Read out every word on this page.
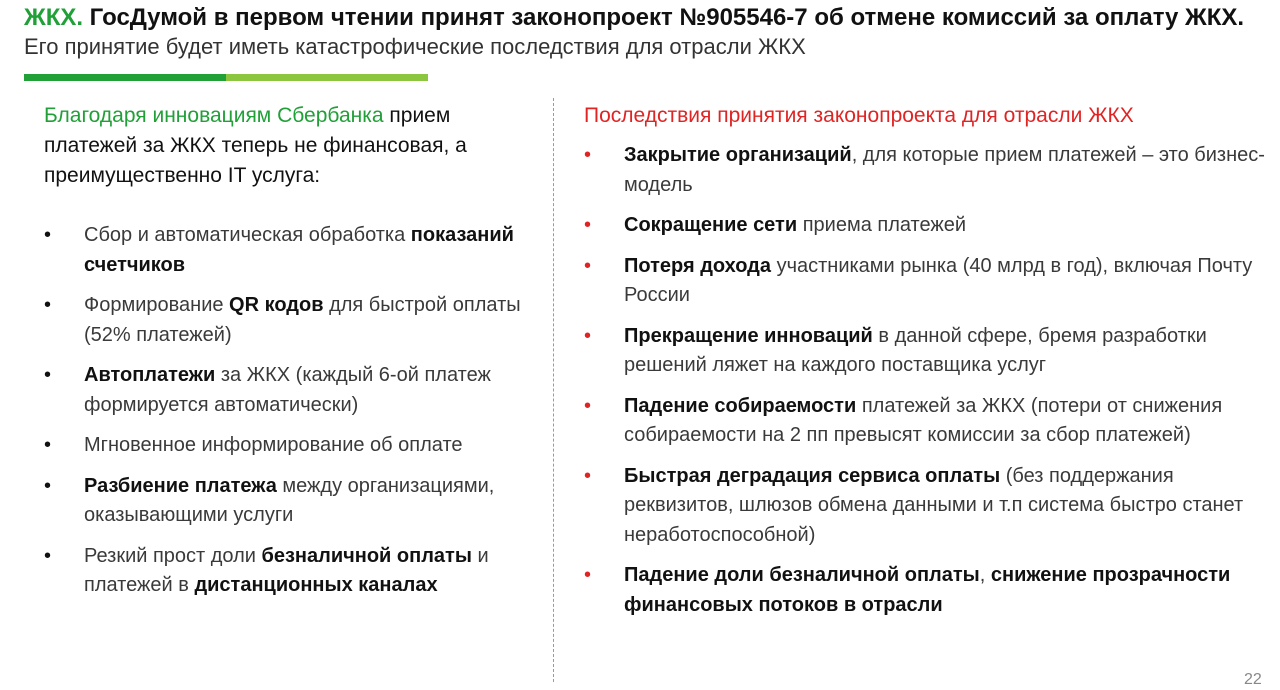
ЖКХ. ГосДумой в первом чтении принят законопроект №905546-7 об отмене комиссий за оплату ЖКХ.
Его принятие будет иметь катастрофические последствия для отрасли ЖКХ
Благодаря инновациям Сбербанка прием платежей за ЖКХ теперь не финансовая, а преимущественно IT услуга:
• Сбор и автоматическая обработка показаний счетчиков
• Формирование QR кодов для быстрой оплаты (52% платежей)
• Автоплатежи за ЖКХ (каждый 6-ой платеж формируется автоматически)
• Мгновенное информирование об оплате
• Разбиение платежа между организациями, оказывающими услуги
• Резкий прост доли безналичной оплаты и платежей в дистанционных каналах
Последствия принятия законопроекта для отрасли ЖКХ
• Закрытие организаций, для которые прием платежей – это бизнес-модель
• Сокращение сети приема платежей
• Потеря дохода участниками рынка (40 млрд в год), включая Почту России
• Прекращение инноваций в данной сфере, бремя разработки решений ляжет на каждого поставщика услуг
• Падение собираемости платежей за ЖКХ (потери от снижения собираемости на 2 пп превысят комиссии за сбор платежей)
• Быстрая деградация сервиса оплаты (без поддержания реквизитов, шлюзов обмена данными и т.п система быстро станет неработоспособной)
• Падение доли безналичной оплаты, снижение прозрачности финансовых потоков в отрасли
22
